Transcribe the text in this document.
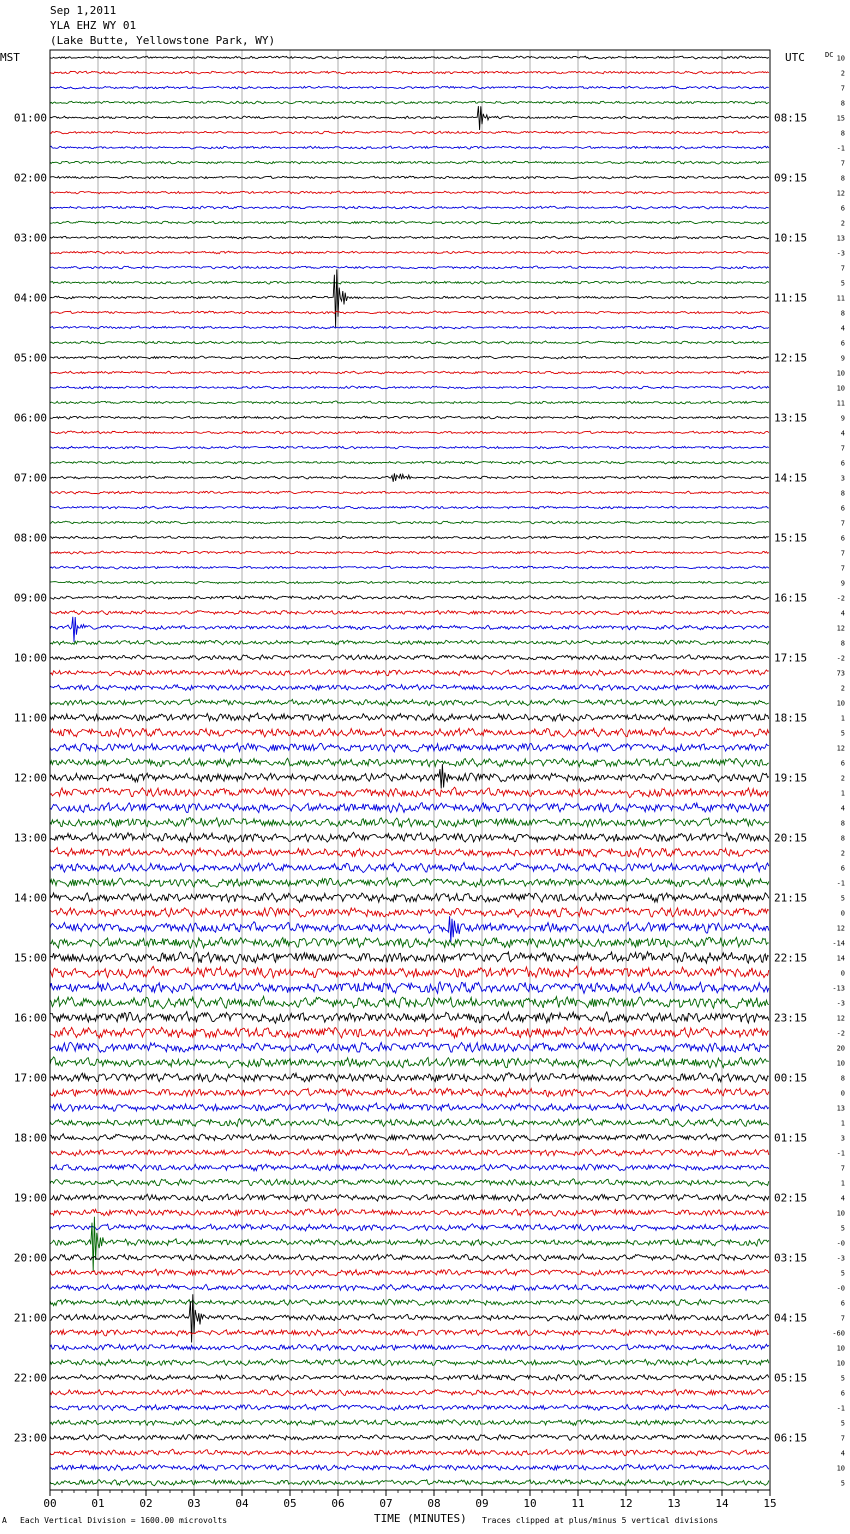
Sep 1,2011
YLA EHZ WY 01
(Lake Butte, Yellowstone Park, WY)
00	01	02	03	04	05	06	07	08	09	10	11	12	13	14	15
01:00
02:00
03:00
04:00
05:00
06:00
07:00
08:00
09:00
10:00
11:00
12:00
13:00
14:00
15:00
16:00
17:00
18:00
19:00
20:00
21:00
22:00
23:00
08:15
09:15
10:15
11:15
12:15
13:15
14:15
15:15
16:15
17:15
18:15
19:15
20:15
21:15
22:15
23:15
00:15
01:15
02:15
03:15
04:15
05:15
06:15
10
2
7
8
15
8
-1
7
8
12
6
2
13
-3
7
5
11
8
4
6
9
10
10
11
9
4
7
6
3
8
6
7
6
7
7
9
-2
4
12
8
-2
73
2
10
1
5
12
6
2
1
4
8
8
2
6
-1
5
0
12
-14
14
0
-13
-3
12
-2
20
10
8
0
13
1
3
-1
7
1
4
10
5
-0
-3
5
-0
6
7
-60
10
10
5
6
-1
5
7
4
10
5
MST	UTC	DC
TIME (MINUTES)
A Each Vertical Division = 1600.00 microvolts	Traces clipped at plus/minus 5 vertical divisions
